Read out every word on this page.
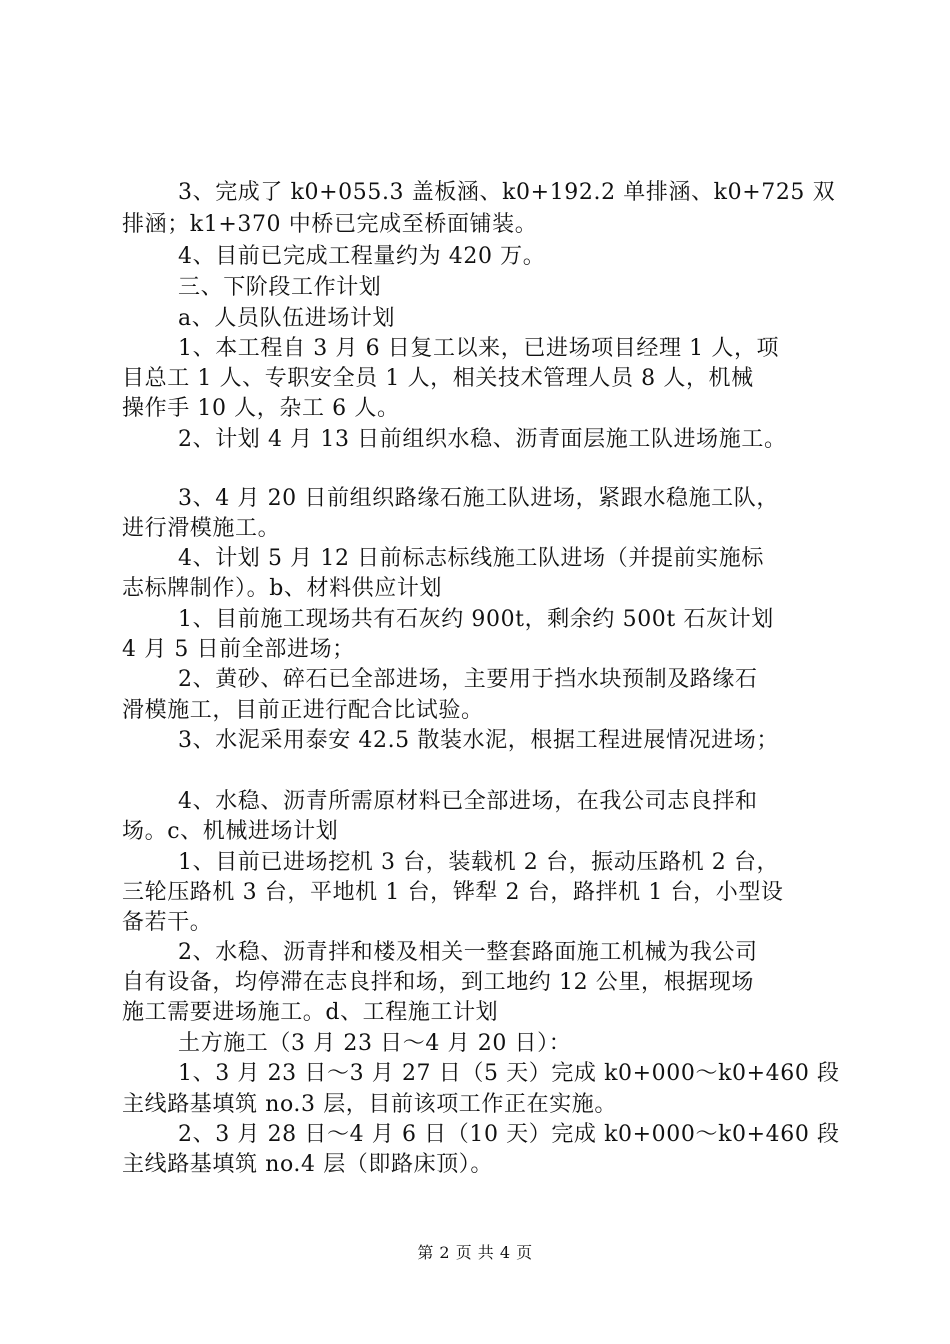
3、完成了 k0+055.3 盖板涵、k0+192.2 单排涵、k0+725 双
排涵；k1+370 中桥已完成至桥面铺装。
4、目前已完成工程量约为 420 万。
三、下阶段工作计划
a、人员队伍进场计划
1、本工程自 3 月 6 日复工以来，已进场项目经理 1 人，项
目总工 1 人、专职安全员 1 人，相关技术管理人员 8 人，机械
操作手 10 人，杂工 6 人。
2、计划 4 月 13 日前组织水稳、沥青面层施工队进场施工。
3、4 月 20 日前组织路缘石施工队进场，紧跟水稳施工队，
进行滑模施工。
4、计划 5 月 12 日前标志标线施工队进场（并提前实施标
志标牌制作）。b、材料供应计划
1、目前施工现场共有石灰约 900t，剩余约 500t 石灰计划
4 月 5 日前全部进场；
2、黄砂、碎石已全部进场，主要用于挡水块预制及路缘石
滑模施工，目前正进行配合比试验。
3、水泥采用泰安 42.5 散装水泥，根据工程进展情况进场；
4、水稳、沥青所需原材料已全部进场，在我公司志良拌和
场。c、机械进场计划
1、目前已进场挖机 3 台，装载机 2 台，振动压路机 2 台，
三轮压路机 3 台，平地机 1 台，铧犁 2 台，路拌机 1 台，小型设
备若干。
2、水稳、沥青拌和楼及相关一整套路面施工机械为我公司
自有设备，均停滞在志良拌和场，到工地约 12 公里，根据现场
施工需要进场施工。d、工程施工计划
土方施工（3 月 23 日～4 月 20 日）：
1、3 月 23 日～3 月 27 日（5 天）完成 k0+000～k0+460 段
主线路基填筑 no.3 层，目前该项工作正在实施。
2、3 月 28 日～4 月 6 日（10 天）完成 k0+000～k0+460 段
主线路基填筑 no.4 层（即路床顶）。
第 2 页 共 4 页
